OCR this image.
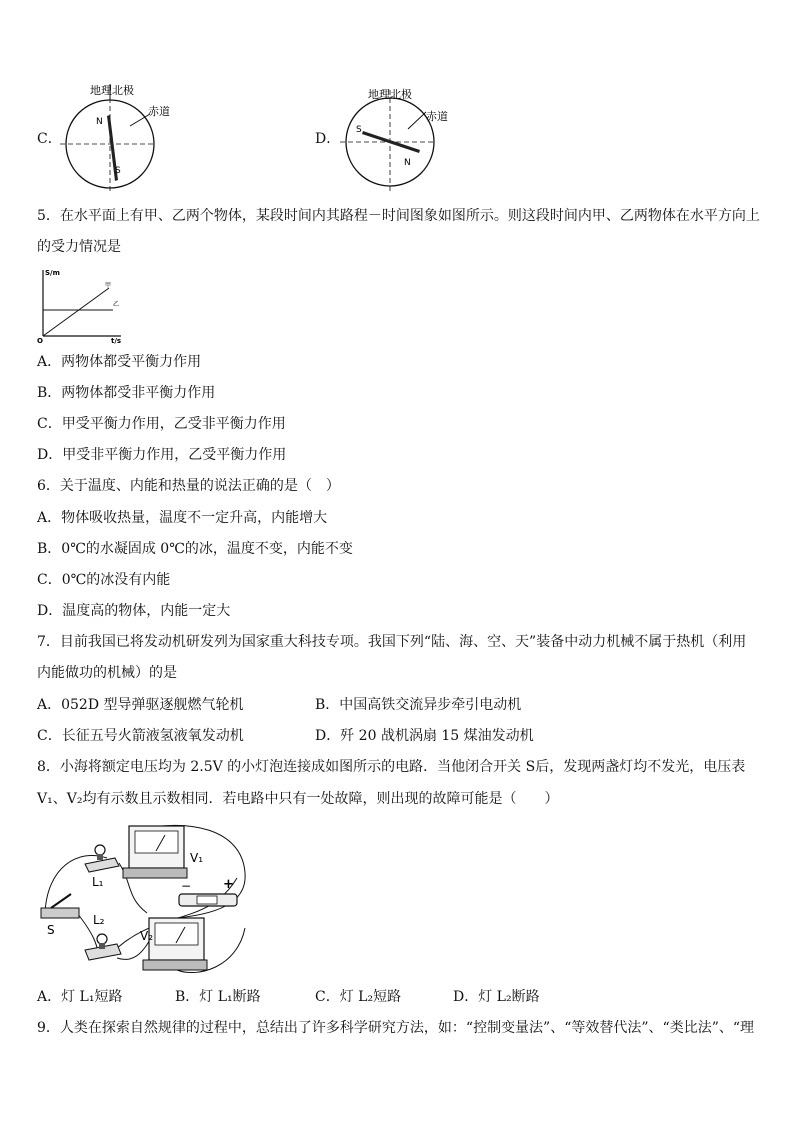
C．
N
S
地理北极
赤道
D．
S
N
地理北极
赤道
5．在水平面上有甲、乙两个物体，某段时间内其路程－时间图象如图所示。则这段时间内甲、乙两物体在水平方向上
的受力情况是
S/m
t/s
O
甲
乙
A．两物体都受平衡力作用
B．两物体都受非平衡力作用
C．甲受平衡力作用，乙受非平衡力作用
D．甲受非平衡力作用，乙受平衡力作用
6．关于温度、内能和热量的说法正确的是（　）
A．物体吸收热量，温度不一定升高，内能增大
B．0℃的水凝固成 0℃的冰，温度不变，内能不变
C．0℃的冰没有内能
D．温度高的物体，内能一定大
7．目前我国已将发动机研发列为国家重大科技专项。我国下列“陆、海、空、天”装备中动力机械不属于热机（利用
内能做功的机械）的是
A．052D 型导弹驱逐舰燃气轮机	B．中国高铁交流异步牵引电动机
C．长征五号火箭液氢液氧发动机	D．歼 20 战机涡扇 15 煤油发动机
8．小海将额定电压均为 2.5V 的小灯泡连接成如图所示的电路．当他闭合开关 S后，发现两盏灯均不发光，电压表
V₁、V₂均有示数且示数相同．若电路中只有一处故障，则出现的故障可能是（　　）
L₁
V₁
− +
S
L₂
V₂
A．灯 L₁短路	B．灯 L₁断路	C．灯 L₂短路	D．灯 L₂断路
9．人类在探索自然规律的过程中，总结出了许多科学研究方法，如：“控制变量法”、“等效替代法”、“类比法”、“理
